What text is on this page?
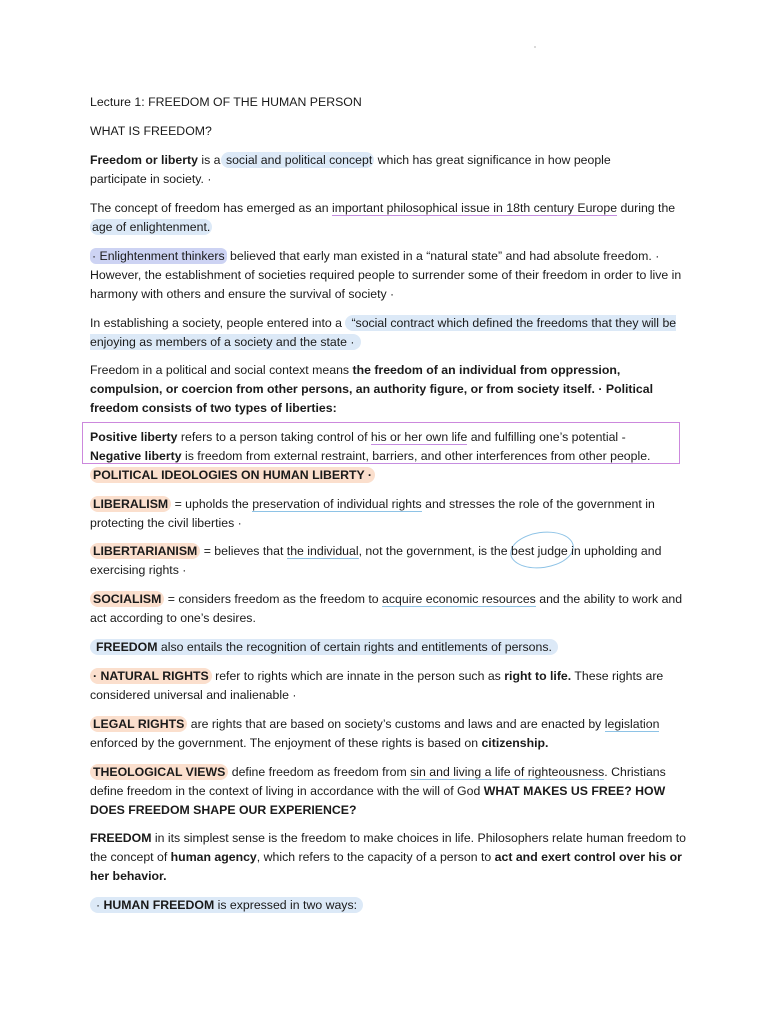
Lecture 1: FREEDOM OF THE HUMAN PERSON

WHAT IS FREEDOM?

Freedom or liberty is a social and political concept which has great significance in how people participate in society. ·

The concept of freedom has emerged as an important philosophical issue in 18th century Europe during the age of enlightenment.

· Enlightenment thinkers believed that early man existed in a “natural state” and had absolute freedom. · However, the establishment of societies required people to surrender some of their freedom in order to live in harmony with others and ensure the survival of society ·

In establishing a society, people entered into a “social contract which defined the freedoms that they will be enjoying as members of a society and the state ·

Freedom in a political and social context means the freedom of an individual from oppression, compulsion, or coercion from other persons, an authority figure, or from society itself. · Political freedom consists of two types of liberties:

Positive liberty refers to a person taking control of his or her own life and fulfilling one’s potential - Negative liberty is freedom from external restraint, barriers, and other interferences from other people.

POLITICAL IDEOLOGIES ON HUMAN LIBERTY ·

LIBERALISM = upholds the preservation of individual rights and stresses the role of the government in protecting the civil liberties ·

LIBERTARIANISM = believes that the individual, not the government, is the best judge in upholding and exercising rights ·

SOCIALISM = considers freedom as the freedom to acquire economic resources and the ability to work and act according to one’s desires.

FREEDOM also entails the recognition of certain rights and entitlements of persons.

· NATURAL RIGHTS refer to rights which are innate in the person such as right to life. These rights are considered universal and inalienable ·

LEGAL RIGHTS are rights that are based on society’s customs and laws and are enacted by legislation enforced by the government. The enjoyment of these rights is based on citizenship.

THEOLOGICAL VIEWS define freedom as freedom from sin and living a life of righteousness. Christians define freedom in the context of living in accordance with the will of God WHAT MAKES US FREE? HOW DOES FREEDOM SHAPE OUR EXPERIENCE?

FREEDOM in its simplest sense is the freedom to make choices in life. Philosophers relate human freedom to the concept of human agency, which refers to the capacity of a person to act and exert control over his or her behavior.

· HUMAN FREEDOM is expressed in two ways:
